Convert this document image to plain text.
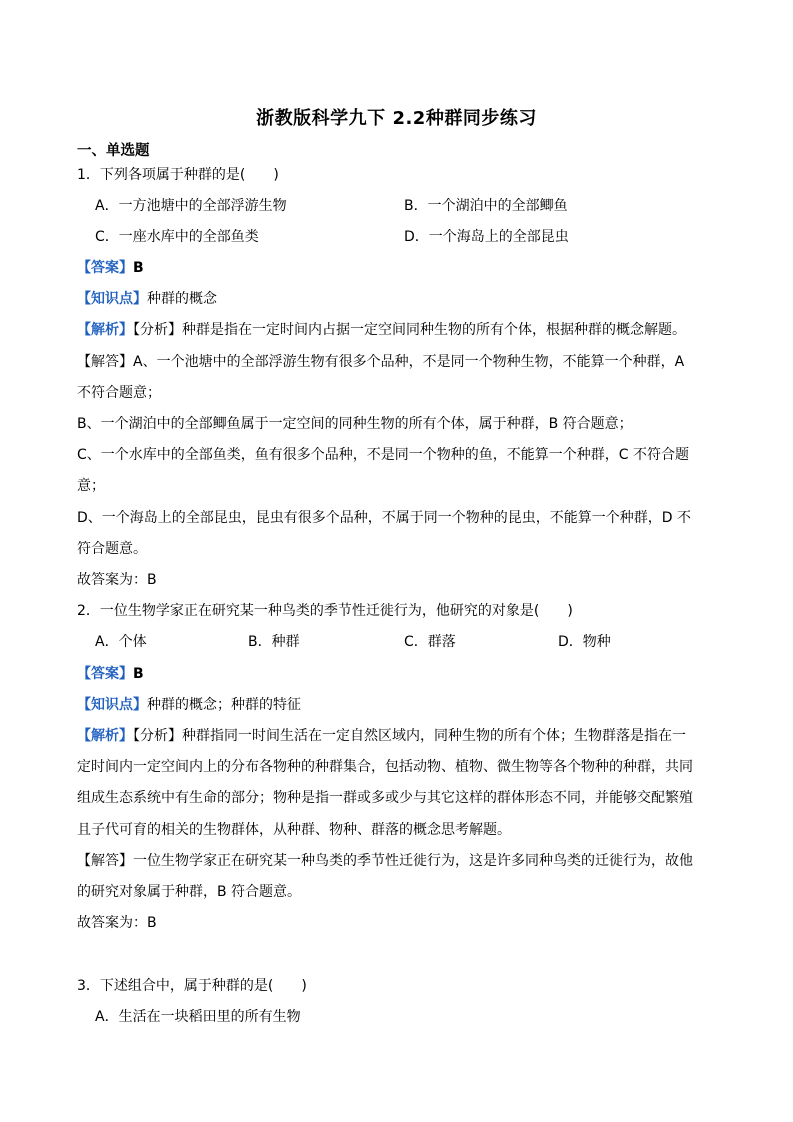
浙教版科学九下 2.2种群同步练习
一、单选题
1．下列各项属于种群的是(　　)
A．一方池塘中的全部浮游生物	B．一个湖泊中的全部鲫鱼
C．一座水库中的全部鱼类	D．一个海岛上的全部昆虫
【答案】B
【知识点】种群的概念
【解析】【分析】种群是指在一定时间内占据一定空间同种生物的所有个体，根据种群的概念解题。
【解答】A、一个池塘中的全部浮游生物有很多个品种，不是同一个物种生物，不能算一个种群，A
不符合题意；
B、一个湖泊中的全部鲫鱼属于一定空间的同种生物的所有个体，属于种群，B 符合题意；
C、一个水库中的全部鱼类，鱼有很多个品种，不是同一个物种的鱼，不能算一个种群，C 不符合题
意；
D、一个海岛上的全部昆虫，昆虫有很多个品种，不属于同一个物种的昆虫，不能算一个种群，D 不
符合题意。
故答案为：B
2．一位生物学家正在研究某一种鸟类的季节性迁徙行为，他研究的对象是(　　)
A．个体	B．种群	C．群落	D．物种
【答案】B
【知识点】种群的概念；种群的特征
【解析】【分析】种群指同一时间生活在一定自然区域内，同种生物的所有个体；生物群落是指在一
定时间内一定空间内上的分布各物种的种群集合，包括动物、植物、微生物等各个物种的种群，共同
组成生态系统中有生命的部分；物种是指一群或多或少与其它这样的群体形态不同，并能够交配繁殖
且子代可育的相关的生物群体，从种群、物种、群落的概念思考解题。
【解答】一位生物学家正在研究某一种鸟类的季节性迁徙行为，这是许多同种鸟类的迁徙行为，故他
的研究对象属于种群，B 符合题意。
故答案为：B
3．下述组合中，属于种群的是(　　)
A．生活在一块稻田里的所有生物
